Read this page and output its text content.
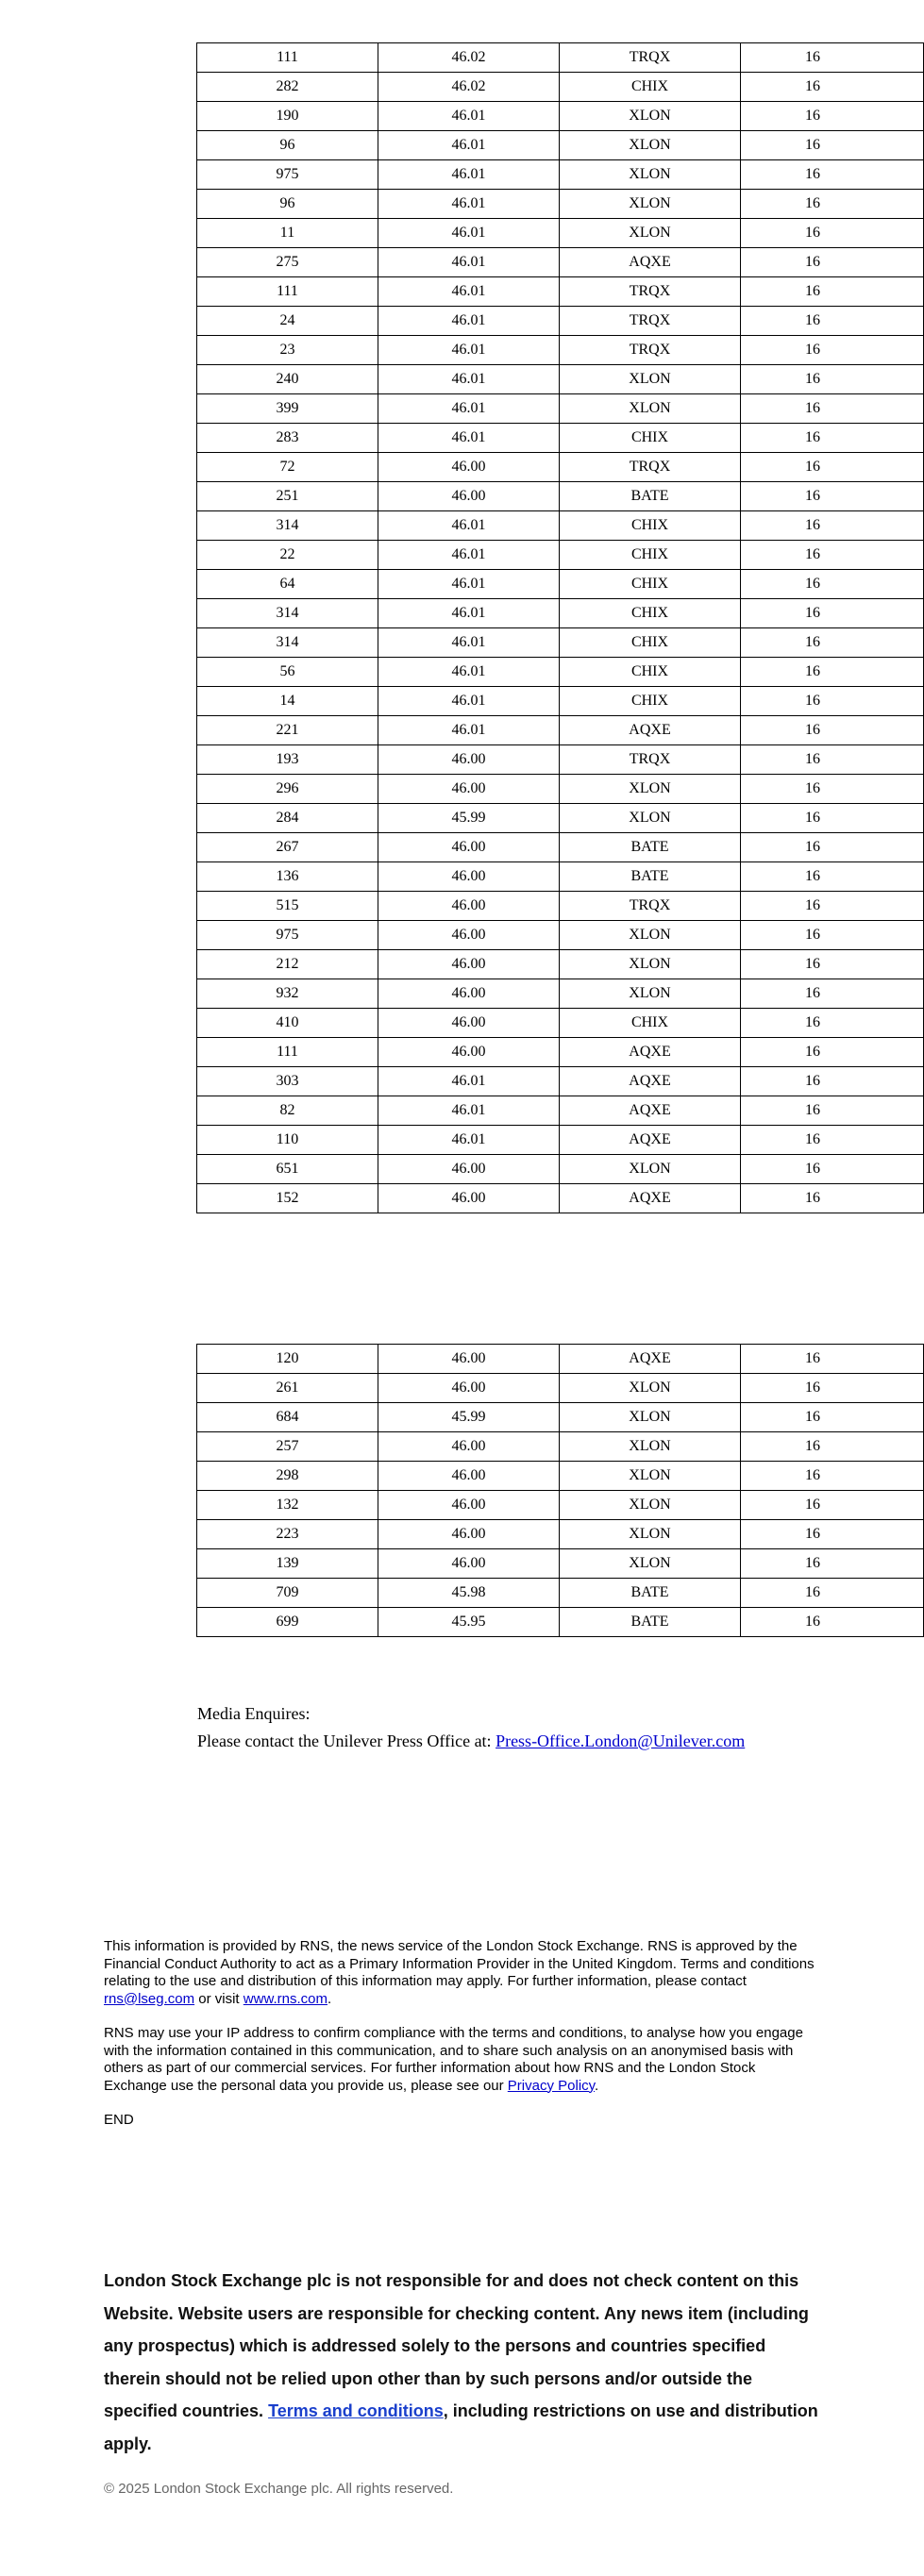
111	46.02	TRQX	16
282	46.02	CHIX	16
190	46.01	XLON	16
96	46.01	XLON	16
975	46.01	XLON	16
96	46.01	XLON	16
11	46.01	XLON	16
275	46.01	AQXE	16
111	46.01	TRQX	16
24	46.01	TRQX	16
23	46.01	TRQX	16
240	46.01	XLON	16
399	46.01	XLON	16
283	46.01	CHIX	16
72	46.00	TRQX	16
251	46.00	BATE	16
314	46.01	CHIX	16
22	46.01	CHIX	16
64	46.01	CHIX	16
314	46.01	CHIX	16
314	46.01	CHIX	16
56	46.01	CHIX	16
14	46.01	CHIX	16
221	46.01	AQXE	16
193	46.00	TRQX	16
296	46.00	XLON	16
284	45.99	XLON	16
267	46.00	BATE	16
136	46.00	BATE	16
515	46.00	TRQX	16
975	46.00	XLON	16
212	46.00	XLON	16
932	46.00	XLON	16
410	46.00	CHIX	16
111	46.00	AQXE	16
303	46.01	AQXE	16
82	46.01	AQXE	16
110	46.01	AQXE	16
651	46.00	XLON	16
152	46.00	AQXE	16
120	46.00	AQXE	16
261	46.00	XLON	16
684	45.99	XLON	16
257	46.00	XLON	16
298	46.00	XLON	16
132	46.00	XLON	16
223	46.00	XLON	16
139	46.00	XLON	16
709	45.98	BATE	16
699	45.95	BATE	16
Media Enquires:
Please contact the Unilever Press Office at: Press-Office.London@Unilever.com

This information is provided by RNS, the news service of the London Stock Exchange. RNS is approved by the Financial Conduct Authority to act as a Primary Information Provider in the United Kingdom. Terms and conditions relating to the use and distribution of this information may apply. For further information, please contact rns@lseg.com or visit www.rns.com.

RNS may use your IP address to confirm compliance with the terms and conditions, to analyse how you engage with the information contained in this communication, and to share such analysis on an anonymised basis with others as part of our commercial services. For further information about how RNS and the London Stock Exchange use the personal data you provide us, please see our Privacy Policy.

END

London Stock Exchange plc is not responsible for and does not check content on this Website. Website users are responsible for checking content. Any news item (including any prospectus) which is addressed solely to the persons and countries specified therein should not be relied upon other than by such persons and/or outside the specified countries. Terms and conditions, including restrictions on use and distribution apply.
© 2025 London Stock Exchange plc. All rights reserved.
